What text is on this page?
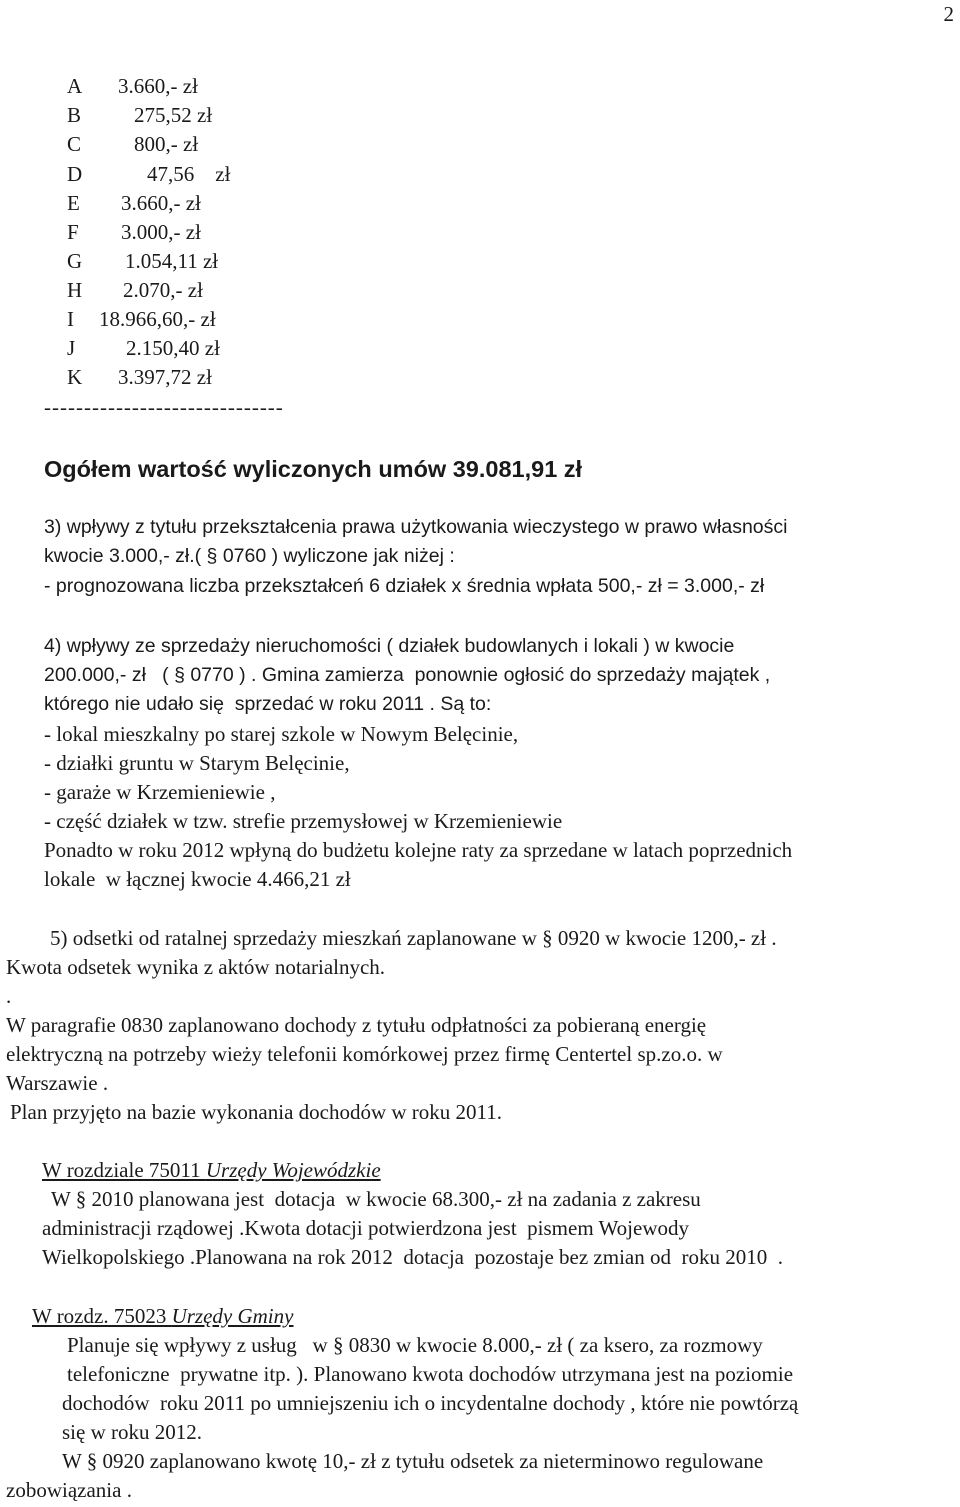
2
A 3.660,- zł
B	275,52 zł
C	800,- zł
D	47,56    zł
E 3.660,- zł
F 3.000,- zł
G 1.054,11 zł
H 2.070,- zł
I 18.966,60,- zł
J 2.150,40 zł
K 3.397,72 zł
------------------------------
Ogółem wartość wyliczonych umów 39.081,91 zł
3) wpływy z tytułu przekształcenia prawa użytkowania wieczystego w prawo własności
kwocie 3.000,- zł.( § 0760 ) wyliczone jak niżej :
- prognozowana liczba przekształceń 6 działek x średnia wpłata 500,- zł = 3.000,- zł
4) wpływy ze sprzedaży nieruchomości ( działek budowlanych i lokali ) w kwocie
200.000,- zł   ( § 0770 ) . Gmina zamierza  ponownie ogłosić do sprzedaży majątek ,
którego nie udało się  sprzedać w roku 2011 . Są to:
- lokal mieszkalny po starej szkole w Nowym Belęcinie,
- działki gruntu w Starym Belęcinie,
- garaże w Krzemieniewie ,
- część działek w tzw. strefie przemysłowej w Krzemieniewie
Ponadto w roku 2012 wpłyną do budżetu kolejne raty za sprzedane w latach poprzednich
lokale  w łącznej kwocie 4.466,21 zł
5) odsetki od ratalnej sprzedaży mieszkań zaplanowane w § 0920 w kwocie 1200,- zł .
Kwota odsetek wynika z aktów notarialnych.
.
W paragrafie 0830 zaplanowano dochody z tytułu odpłatności za pobieraną energię
elektryczną na potrzeby wieży telefonii komórkowej przez firmę Centertel sp.zo.o. w
Warszawie .
Plan przyjęto na bazie wykonania dochodów w roku 2011.
W rozdziale 75011 Urzędy Wojewódzkie
W § 2010 planowana jest  dotacja  w kwocie 68.300,- zł na zadania z zakresu
administracji rządowej .Kwota dotacji potwierdzona jest  pismem Wojewody
Wielkopolskiego .Planowana na rok 2012  dotacja  pozostaje bez zmian od  roku 2010  .
W rozdz. 75023 Urzędy Gminy
Planuje się wpływy z usług   w § 0830 w kwocie 8.000,- zł ( za ksero, za rozmowy
telefoniczne  prywatne itp. ). Planowano kwota dochodów utrzymana jest na poziomie
dochodów  roku 2011 po umniejszeniu ich o incydentalne dochody , które nie powtórzą
się w roku 2012.
W § 0920 zaplanowano kwotę 10,- zł z tytułu odsetek za nieterminowo regulowane
zobowiązania .
